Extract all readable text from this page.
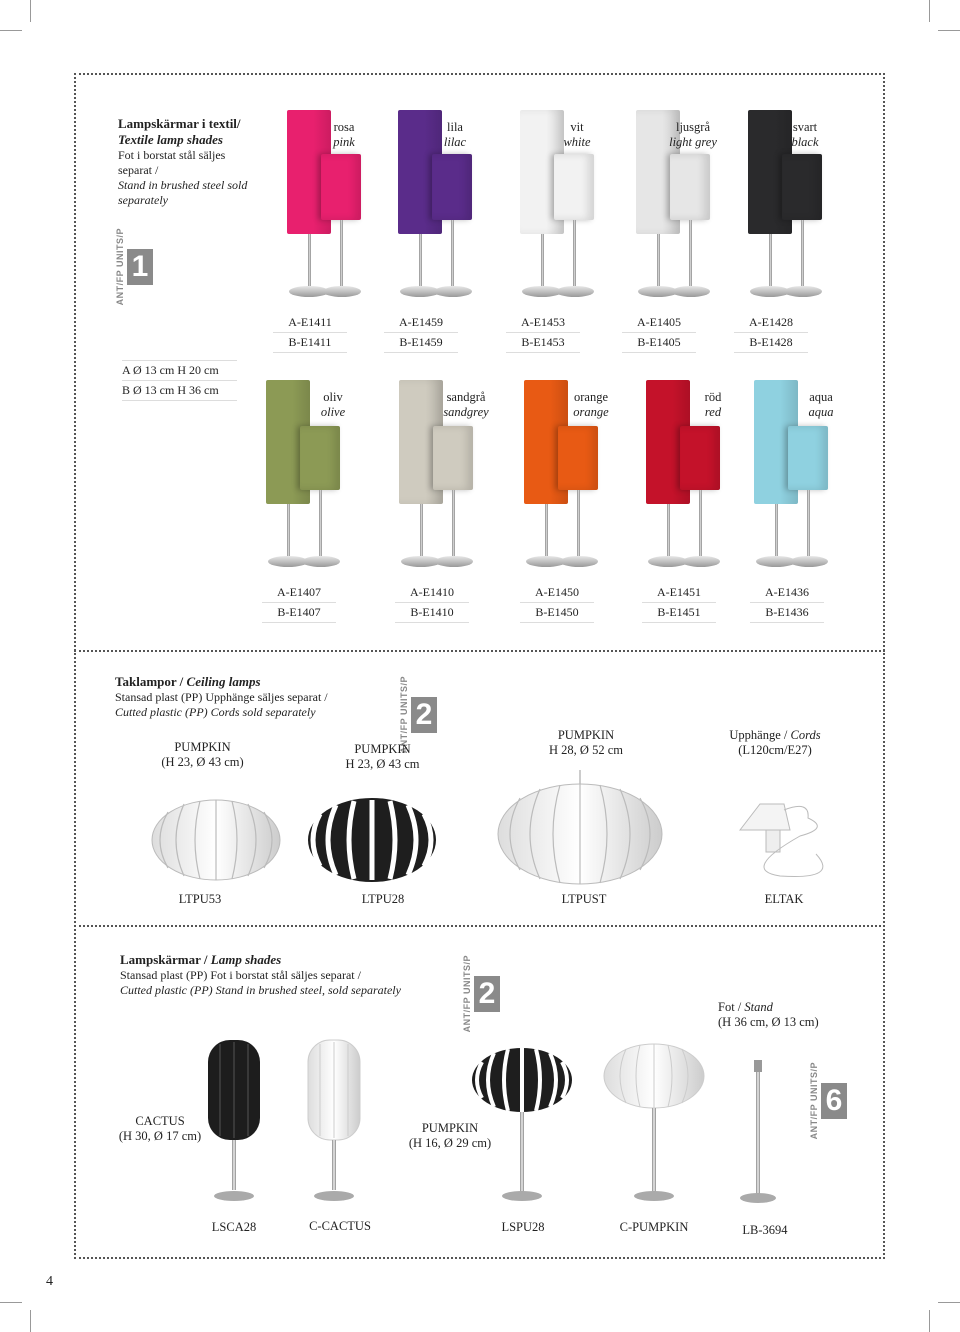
Lampskärmar i textil/
Textile lamp shades
Fot i borstat stål säljes
separat /
Stand in brushed steel sold
separately
ANT/FP UNITS/P 1
A Ø 13 cm H 20 cm
B Ø 13 cm H 36 cm
rosa
pink
A-E1411
B-E1411
lila
lilac
A-E1459
B-E1459
vit
white
A-E1453
B-E1453
ljusgrå
light grey
A-E1405
B-E1405
svart
black
A-E1428
B-E1428
oliv
olive
A-E1407
B-E1407
sandgrå
sandgrey
A-E1410
B-E1410
orange
orange
A-E1450
B-E1450
röd
red
A-E1451
B-E1451
aqua
aqua
A-E1436
B-E1436
Taklampor / Ceiling lamps
Stansad plast (PP) Upphänge säljes separat /
Cutted plastic (PP) Cords sold separately	ANT/FP UNITS/P 2
PUMPKIN
(H 23, Ø 43 cm)
PUMPKIN
H 23, Ø 43 cm
PUMPKIN
H 28, Ø 52 cm
Upphänge / Cords
(L120cm/E27)
LTPU53	LTPU28	LTPUST	ELTAK
Lampskärmar / Lamp shades
Stansad plast (PP) Fot i borstat stål säljes separat /
Cutted plastic (PP) Stand in brushed steel, sold separately	ANT/FP UNITS/P 2
ANT/FP UNITS/P 6
Fot / Stand
(H 36 cm, Ø 13 cm)
CACTUS
(H 30, Ø 17 cm)
PUMPKIN
(H 16, Ø 29 cm)
LSCA28	C-CACTUS	LSPU28	C-PUMPKIN	LB-3694
4
